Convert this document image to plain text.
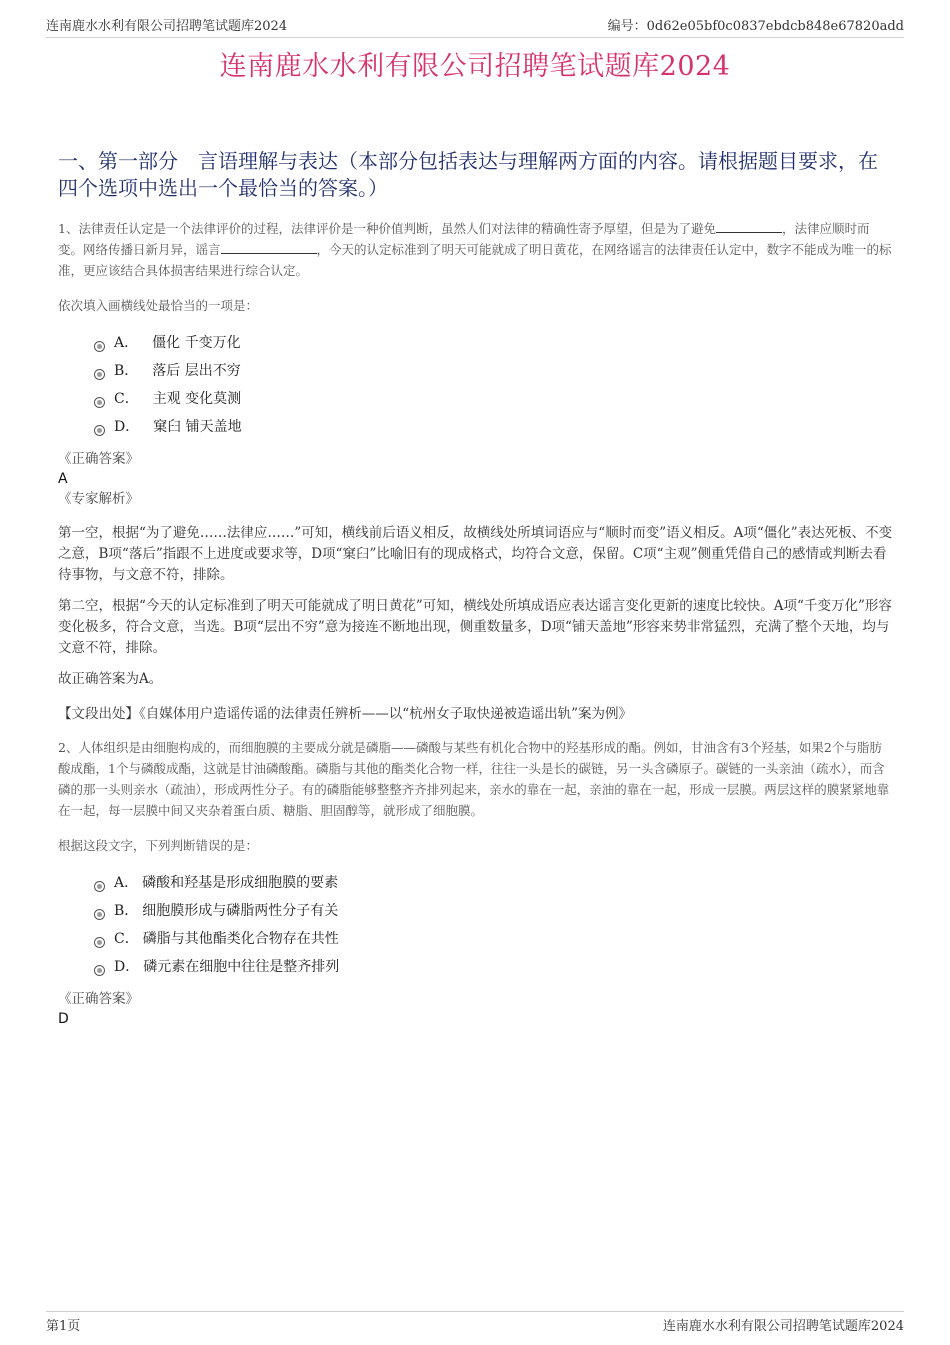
连南鹿水水利有限公司招聘笔试题库2024	编号：0d62e05bf0c0837ebdcb848e67820add
连南鹿水水利有限公司招聘笔试题库2024
一、第一部分　言语理解与表达（本部分包括表达与理解两方面的内容。请根据题目要求，在四个选项中选出一个最恰当的答案。）

1、法律责任认定是一个法律评价的过程，法律评价是一种价值判断，虽然人们对法律的精确性寄予厚望，但是为了避免	，法律应顺时而变。网络传播日新月异，谣言	，今天的认定标准到了明天可能就成了明日黄花，在网络谣言的法律责任认定中，数字不能成为唯一的标准，更应该结合具体损害结果进行综合认定。

依次填入画横线处最恰当的一项是：

A． 僵化 千变万化
B． 落后 层出不穷
C． 主观 变化莫测
D． 窠臼 铺天盖地

《正确答案》

A

《专家解析》

第一空，根据“为了避免……法律应……”可知，横线前后语义相反，故横线处所填词语应与“顺时而变”语义相反。A项“僵化”表达死板、不变之意，B项“落后”指跟不上进度或要求等，D项“窠臼”比喻旧有的现成格式，均符合文意，保留。C项“主观”侧重凭借自己的感情或判断去看待事物，与文意不符，排除。

第二空，根据“今天的认定标准到了明天可能就成了明日黄花”可知，横线处所填成语应表达谣言变化更新的速度比较快。A项“千变万化”形容变化极多，符合文意，当选。B项“层出不穷”意为接连不断地出现，侧重数量多，D项“铺天盖地”形容来势非常猛烈，充满了整个天地，均与文意不符，排除。

故正确答案为A。

【文段出处】《自媒体用户造谣传谣的法律责任辨析——以“杭州女子取快递被造谣出轨”案为例》

2、人体组织是由细胞构成的，而细胞膜的主要成分就是磷脂——磷酸与某些有机化合物中的羟基形成的酯。例如，甘油含有3个羟基，如果2个与脂肪酸成酯，1个与磷酸成酯，这就是甘油磷酸酯。磷脂与其他的酯类化合物一样，往往一头是长的碳链，另一头含磷原子。碳链的一头亲油（疏水），而含磷的那一头则亲水（疏油），形成两性分子。有的磷脂能够整整齐齐排列起来，亲水的靠在一起，亲油的靠在一起，形成一层膜。两层这样的膜紧紧地靠在一起，每一层膜中间又夹杂着蛋白质、糖脂、胆固醇等，就形成了细胞膜。

根据这段文字，下列判断错误的是：

A． 磷酸和羟基是形成细胞膜的要素
B． 细胞膜形成与磷脂两性分子有关
C． 磷脂与其他酯类化合物存在共性
D． 磷元素在细胞中往往是整齐排列

《正确答案》

D

第1页	连南鹿水水利有限公司招聘笔试题库2024
